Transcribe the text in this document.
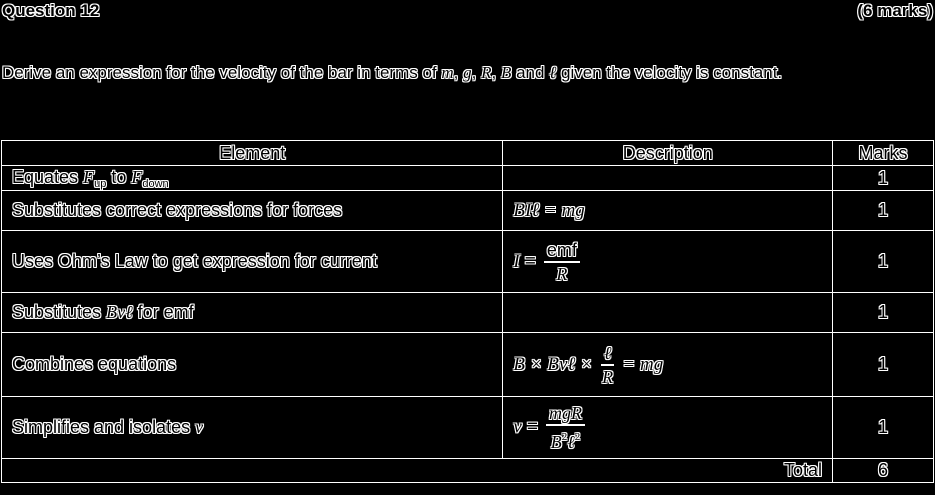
Question 12	(6 marks)
Derive an expression for the velocity of the bar in terms of m, g, R, B and ℓ given the velocity is constant.
Element	Description	Marks
Equates $F_{up}$ to $F_{down}$		1
Substitutes correct expressions for forces	BIℓ = mg	1
Uses Ohm’s Law to get expression for current	$I = \frac{\text{emf}}{R}$	1
Substitutes Bvℓ for emf		1
Combines equations	B × Bvℓ × $\frac{\text{ℓ}}{R}$ = mg	1
Simplifies and isolates v	$v = \frac{\text{mgR}}{B^2\ell^2}$	1
Total		6
